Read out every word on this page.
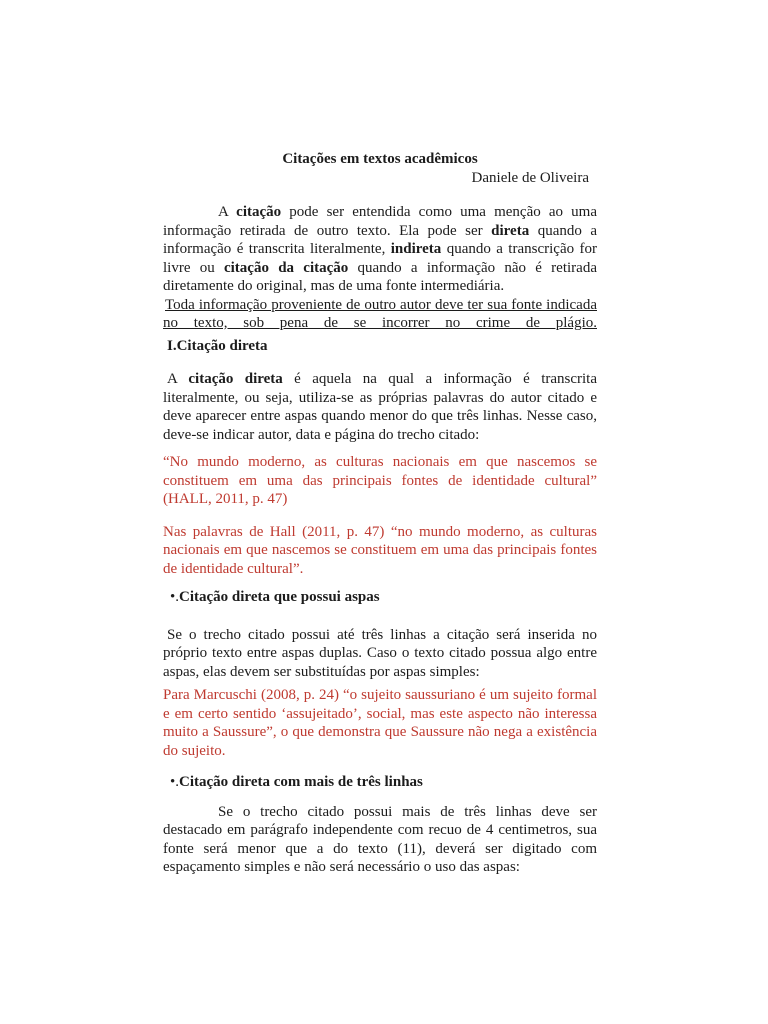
Citações em textos acadêmicos
Daniele de Oliveira

A citação pode ser entendida como uma menção ao uma informação retirada de outro texto. Ela pode ser direta quando a informação é transcrita literalmente, indireta quando a transcrição for livre ou citação da citação quando a informação não é retirada diretamente do original, mas de uma fonte intermediária.

Toda informação proveniente de outro autor deve ter sua fonte indicada no texto, sob pena de se incorrer no crime de plágio.

I.Citação direta

A citação direta é aquela na qual a informação é transcrita literalmente, ou seja, utiliza-se as próprias palavras do autor citado e deve aparecer entre aspas quando menor do que três linhas. Nesse caso, deve-se indicar autor, data e página do trecho citado:

“No mundo moderno, as culturas nacionais em que nascemos se constituem em uma das principais fontes de identidade cultural” (HALL, 2011, p. 47)

Nas palavras de Hall (2011, p. 47) “no mundo moderno, as culturas nacionais em que nascemos se constituem em uma das principais fontes de identidade cultural”.

•.Citação direta que possui aspas

Se o trecho citado possui até três linhas a citação será inserida no próprio texto entre aspas duplas. Caso o texto citado possua algo entre aspas, elas devem ser substituídas por aspas simples:

Para Marcuschi (2008, p. 24) “o sujeito saussuriano é um sujeito formal e em certo sentido ‘assujeitado’, social, mas este aspecto não interessa muito a Saussure”, o que demonstra que Saussure não nega a existência do sujeito.

•.Citação direta com mais de três linhas

Se o trecho citado possui mais de três linhas deve ser destacado em parágrafo independente com recuo de 4 centimetros, sua fonte será menor que a do texto (11), deverá ser digitado com espaçamento simples e não será necessário o uso das aspas:
